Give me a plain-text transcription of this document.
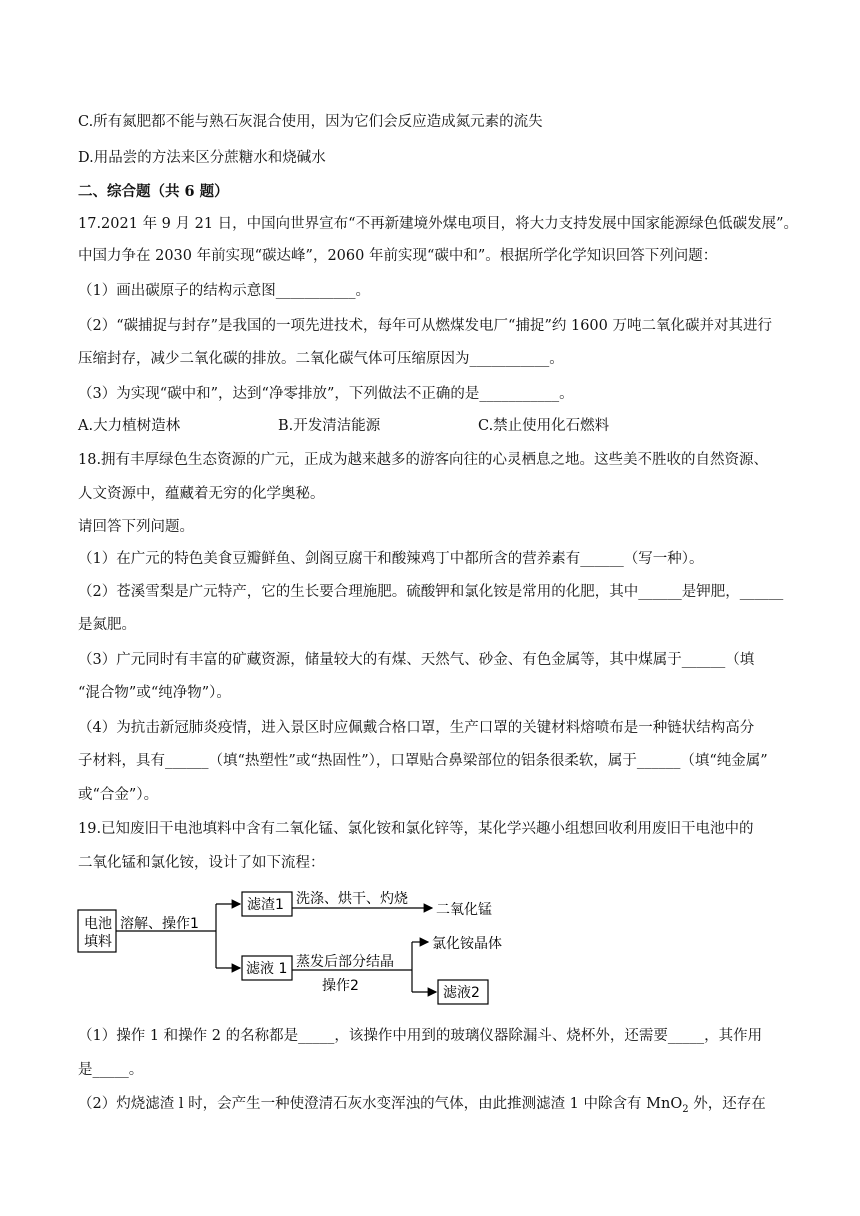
C.所有氮肥都不能与熟石灰混合使用，因为它们会反应造成氮元素的流失
D.用品尝的方法来区分蔗糖水和烧碱水
二、综合题（共 6 题）
17.2021 年 9 月 21 日，中国向世界宣布“不再新建境外煤电项目，将大力支持发展中国家能源绿色低碳发展”。
中国力争在 2030 年前实现“碳达峰”，2060 年前实现“碳中和”。根据所学化学知识回答下列问题：
（1）画出碳原子的结构示意图___________。
（2）“碳捕捉与封存”是我国的一项先进技术，每年可从燃煤发电厂“捕捉”约 1600 万吨二氧化碳并对其进行
压缩封存，减少二氧化碳的排放。二氧化碳气体可压缩原因为___________。
（3）为实现“碳中和”，达到“净零排放”，下列做法不正确的是___________。
A.大力植树造林	B.开发清洁能源	C.禁止使用化石燃料
18.拥有丰厚绿色生态资源的广元，正成为越来越多的游客向往的心灵栖息之地。这些美不胜收的自然资源、
人文资源中，蕴藏着无穷的化学奥秘。
请回答下列问题。
（1）在广元的特色美食豆瓣鲜鱼、剑阁豆腐干和酸辣鸡丁中都所含的营养素有______（写一种）。
（2）苍溪雪梨是广元特产，它的生长要合理施肥。硫酸钾和氯化铵是常用的化肥，其中______是钾肥，______
是氮肥。
（3）广元同时有丰富的矿藏资源，储量较大的有煤、天然气、砂金、有色金属等，其中煤属于______（填
“混合物”或“纯净物”）。
（4）为抗击新冠肺炎疫情，进入景区时应佩戴合格口罩，生产口罩的关键材料熔喷布是一种链状结构高分
子材料，具有______（填“热塑性”或“热固性”），口罩贴合鼻梁部位的铝条很柔软，属于______（填“纯金属”
或“合金”）。
19.已知废旧干电池填料中含有二氧化锰、氯化铵和氯化锌等，某化学兴趣小组想回收利用废旧干电池中的
二氧化锰和氯化铵，设计了如下流程：
电池
填料
溶解、操作1
滤渣1 洗涤、烘干、灼烧
二氧化锰
滤液 1 蒸发后部分结晶
操作2
氯化铵晶体
滤液2
（1）操作 1 和操作 2 的名称都是_____，该操作中用到的玻璃仪器除漏斗、烧杯外，还需要_____，其作用
是_____。
（2）灼烧滤渣 l 时，会产生一种使澄清石灰水变浑浊的气体，由此推测滤渣 1 中除含有 MnO$_2$ 外，还存在
